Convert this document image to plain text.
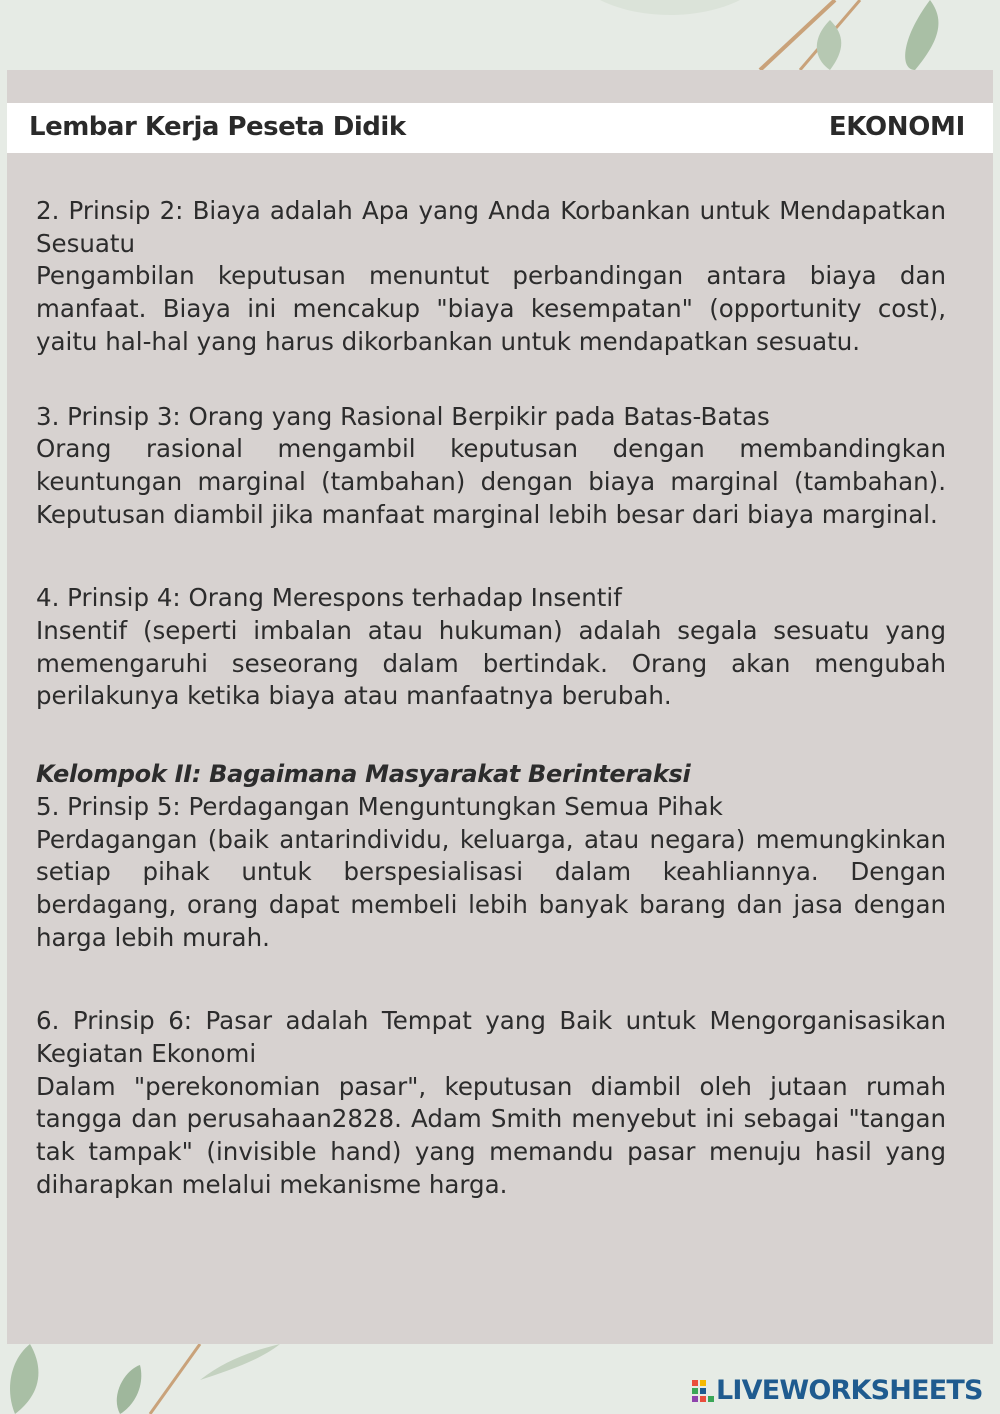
Lembar Kerja Peseta Didik	EKONOMI
2. Prinsip 2: Biaya adalah Apa yang Anda Korbankan untuk Mendapatkan Sesuatu
Pengambilan keputusan menuntut perbandingan antara biaya dan manfaat. Biaya ini mencakup "biaya kesempatan" (opportunity cost), yaitu hal-hal yang harus dikorbankan untuk mendapatkan sesuatu.
3. Prinsip 3: Orang yang Rasional Berpikir pada Batas-Batas
Orang rasional mengambil keputusan dengan membandingkan keuntungan marginal (tambahan) dengan biaya marginal (tambahan). Keputusan diambil jika manfaat marginal lebih besar dari biaya marginal.
4. Prinsip 4: Orang Merespons terhadap Insentif
Insentif (seperti imbalan atau hukuman) adalah segala sesuatu yang memengaruhi seseorang dalam bertindak. Orang akan mengubah perilakunya ketika biaya atau manfaatnya berubah.
Kelompok II: Bagaimana Masyarakat Berinteraksi
5. Prinsip 5: Perdagangan Menguntungkan Semua Pihak
Perdagangan (baik antarindividu, keluarga, atau negara) memungkinkan setiap pihak untuk berspesialisasi dalam keahliannya. Dengan berdagang, orang dapat membeli lebih banyak barang dan jasa dengan harga lebih murah.
6. Prinsip 6: Pasar adalah Tempat yang Baik untuk Mengorganisasikan Kegiatan Ekonomi
Dalam "perekonomian pasar", keputusan diambil oleh jutaan rumah tangga dan perusahaan2828. Adam Smith menyebut ini sebagai "tangan tak tampak" (invisible hand) yang memandu pasar menuju hasil yang diharapkan melalui mekanisme harga.
LIVEWORKSHEETS
